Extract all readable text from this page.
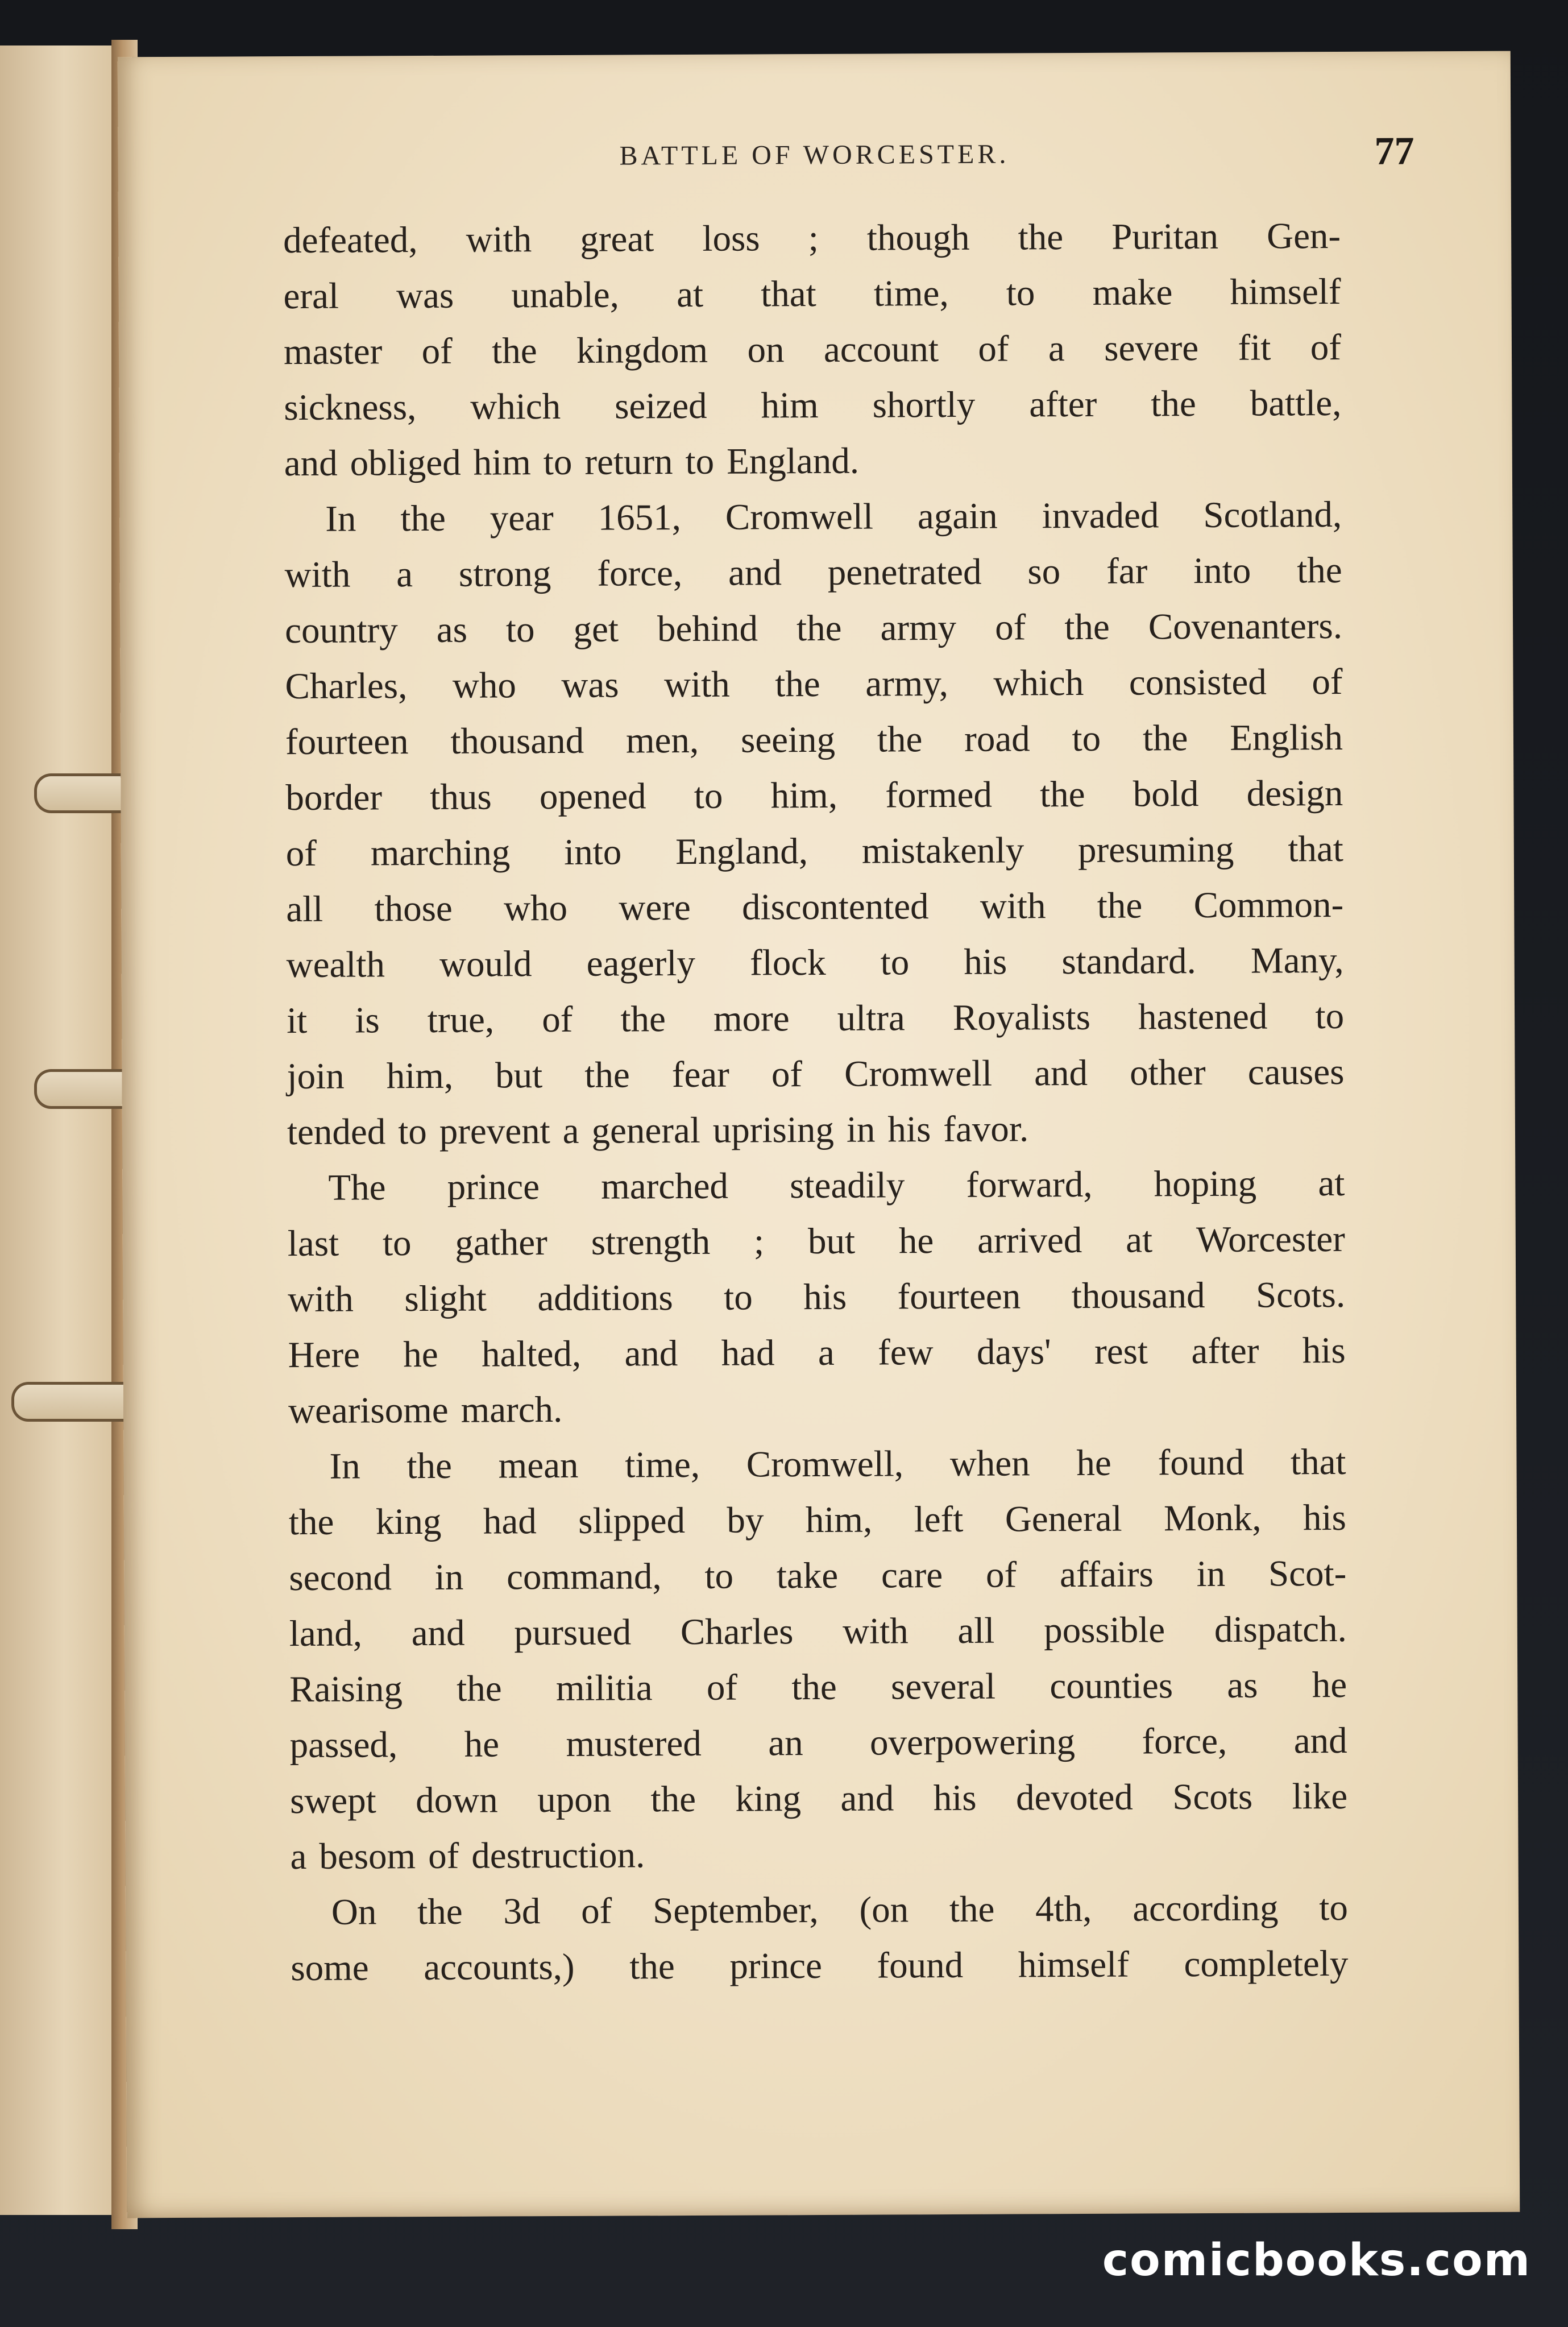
BATTLE OF WORCESTER.	77
defeated, with great loss ; though the Puritan Gen-
eral was unable, at that time, to make himself
master of the kingdom on account of a severe fit of
sickness, which seized him shortly after the battle,
and obliged him to return to England.
In the year 1651, Cromwell again invaded Scotland,
with a strong force, and penetrated so far into the
country as to get behind the army of the Covenanters.
Charles, who was with the army, which consisted of
fourteen thousand men, seeing the road to the English
border thus opened to him, formed the bold design
of marching into England, mistakenly presuming that
all those who were discontented with the Common-
wealth would eagerly flock to his standard. Many,
it is true, of the more ultra Royalists hastened to
join him, but the fear of Cromwell and other causes
tended to prevent a general uprising in his favor.
The prince marched steadily forward, hoping at
last to gather strength ; but he arrived at Worcester
with slight additions to his fourteen thousand Scots.
Here he halted, and had a few days' rest after his
wearisome march.
In the mean time, Cromwell, when he found that
the king had slipped by him, left General Monk, his
second in command, to take care of affairs in Scot-
land, and pursued Charles with all possible dispatch.
Raising the militia of the several counties as he
passed, he mustered an overpowering force, and
swept down upon the king and his devoted Scots like
a besom of destruction.
On the 3d of September, (on the 4th, according to
some accounts,) the prince found himself completely
comicbooks.com
